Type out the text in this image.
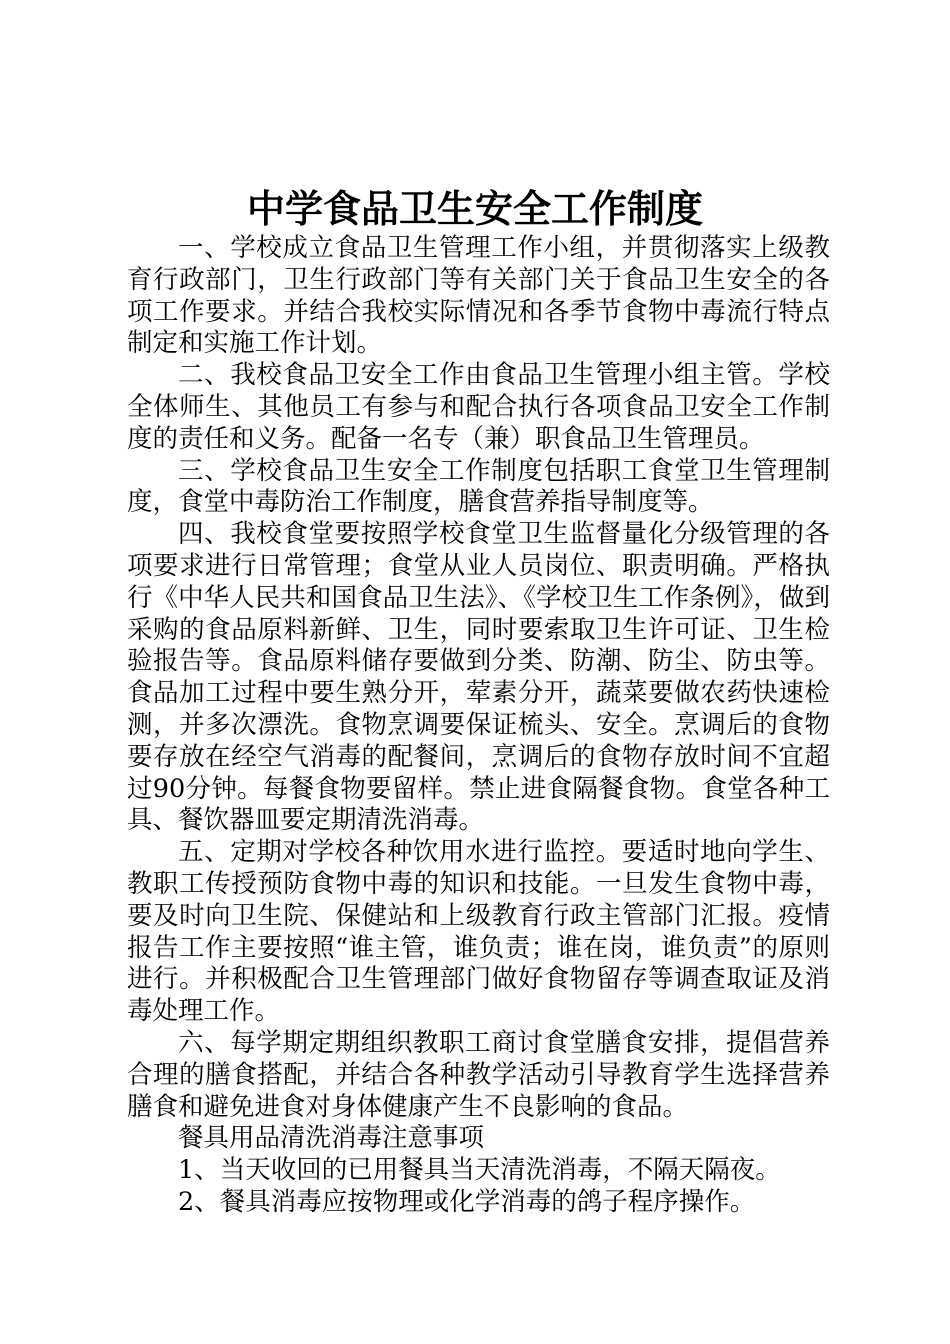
中学食品卫生安全工作制度

一、学校成立食品卫生管理工作小组，并贯彻落实上级教育行政部门，卫生行政部门等有关部门关于食品卫生安全的各项工作要求。并结合我校实际情况和各季节食物中毒流行特点制定和实施工作计划。

二、我校食品卫安全工作由食品卫生管理小组主管。学校全体师生、其他员工有参与和配合执行各项食品卫安全工作制度的责任和义务。配备一名专（兼）职食品卫生管理员。

三、学校食品卫生安全工作制度包括职工食堂卫生管理制度，食堂中毒防治工作制度，膳食营养指导制度等。

四、我校食堂要按照学校食堂卫生监督量化分级管理的各项要求进行日常管理；食堂从业人员岗位、职责明确。严格执行《中华人民共和国食品卫生法》、《学校卫生工作条例》，做到采购的食品原料新鲜、卫生，同时要索取卫生许可证、卫生检验报告等。食品原料储存要做到分类、防潮、防尘、防虫等。食品加工过程中要生熟分开，荤素分开，蔬菜要做农药快速检测，并多次漂洗。食物烹调要保证梳头、安全。烹调后的食物要存放在经空气消毒的配餐间，烹调后的食物存放时间不宜超过90分钟。每餐食物要留样。禁止进食隔餐食物。食堂各种工具、餐饮器皿要定期清洗消毒。

五、定期对学校各种饮用水进行监控。要适时地向学生、教职工传授预防食物中毒的知识和技能。一旦发生食物中毒，要及时向卫生院、保健站和上级教育行政主管部门汇报。疫情报告工作主要按照“谁主管，谁负责；谁在岗，谁负责”的原则进行。并积极配合卫生管理部门做好食物留存等调查取证及消毒处理工作。

六、每学期定期组织教职工商讨食堂膳食安排，提倡营养合理的膳食搭配，并结合各种教学活动引导教育学生选择营养膳食和避免进食对身体健康产生不良影响的食品。

餐具用品清洗消毒注意事项

1、当天收回的已用餐具当天清洗消毒，不隔天隔夜。

2、餐具消毒应按物理或化学消毒的鸽子程序操作。
